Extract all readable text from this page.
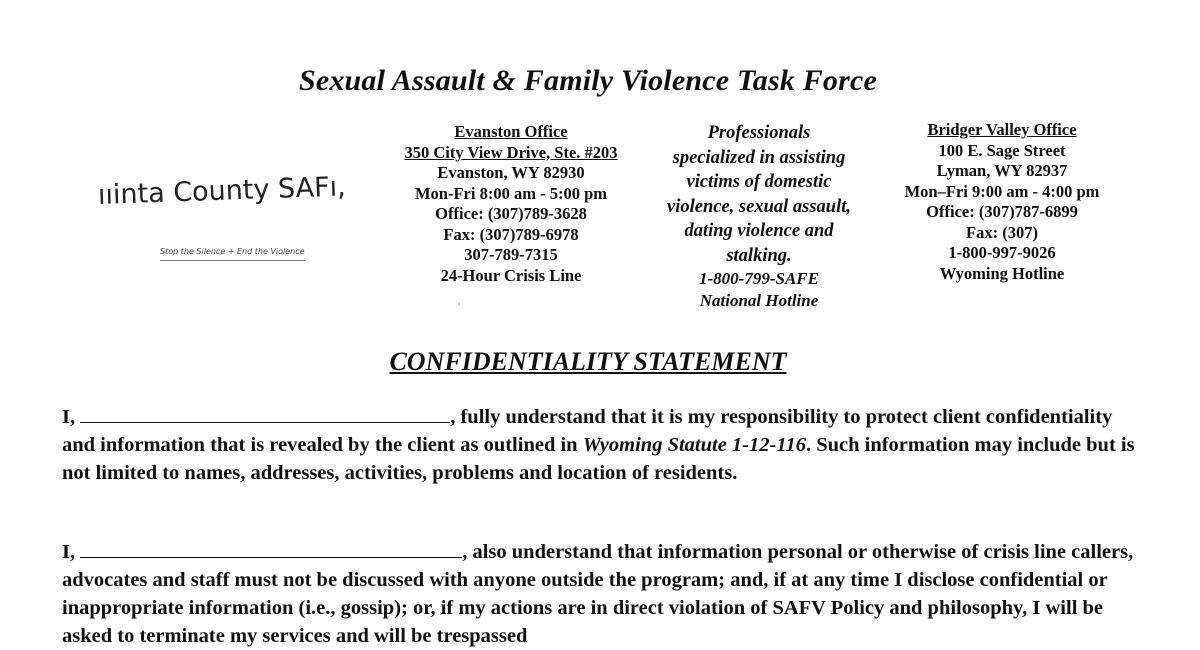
Sexual Assault & Family Violence Task Force
ııinta County SAFı,
Stop the Silence + End the Violence
Evanston Office
350 City View Drive, Ste. #203
Evanston, WY 82930
Mon-Fri 8:00 am - 5:00 pm
Office: (307)789-3628
Fax: (307)789-6978
307-789-7315
24-Hour Crisis Line
Professionals
specialized in assisting
victims of domestic
violence, sexual assault,
dating violence and
stalking.
1-800-799-SAFE
National Hotline
Bridger Valley Office
100 E. Sage Street
Lyman, WY 82937
Mon–Fri 9:00 am - 4:00 pm
Office: (307)787-6899
Fax: (307)
1-800-997-9026
Wyoming Hotline
CONFIDENTIALITY STATEMENT
I,	, fully understand that it is my responsibility to protect client confidentiality and information that is revealed by the client as outlined in Wyoming Statute 1-12-116. Such information may include but is not limited to names, addresses, activities, problems and location of residents.
I,	, also understand that information personal or otherwise of crisis line callers, advocates and staff must not be discussed with anyone outside the program; and, if at any time I disclose confidential or inappropriate information (i.e., gossip); or, if my actions are in direct violation of SAFV Policy and philosophy, I will be asked to terminate my services and will be trespassed
